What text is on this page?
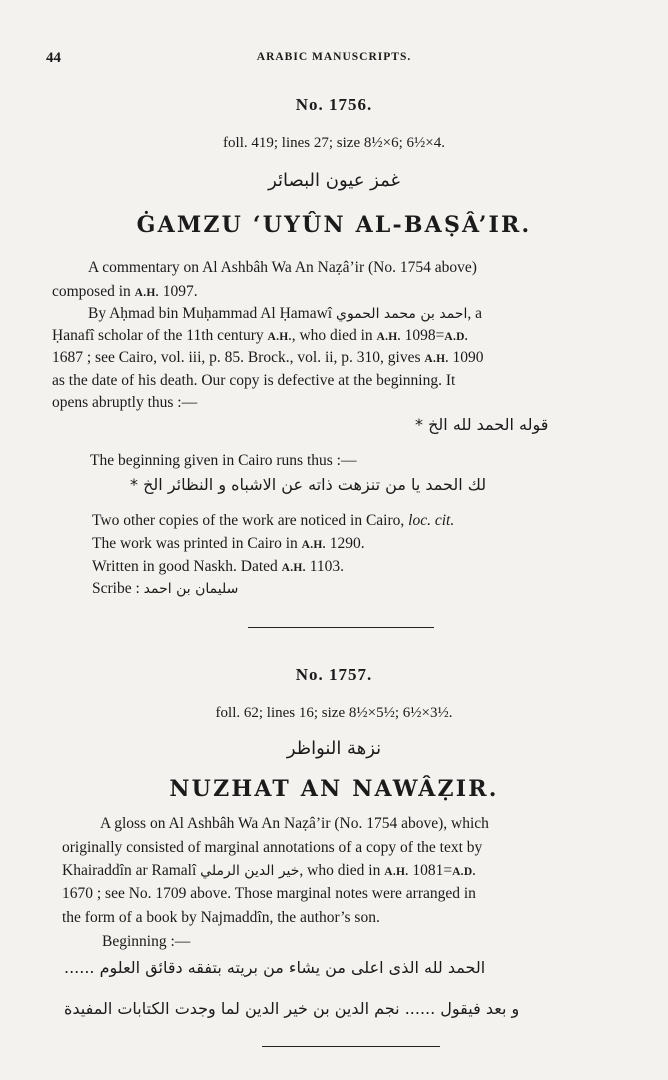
44	ARABIC MANUSCRIPTS.
No. 1756.
foll. 419; lines 27; size 8½×6; 6½×4.
غمز عيون البصائر
ĠAMZU ‘UYÛN AL-BAṢÂ’IR.
A commentary on Al Ashbâh Wa An Naẓâ’ir (No. 1754 above)
composed in A.H. 1097.
By Aḥmad bin Muḥammad Al Ḥamawî احمد بن محمد الحموي, a
Ḥanafî scholar of the 11th century A.H., who died in A.H. 1098=A.D.
1687 ; see Cairo, vol. iii, p. 85. Brock., vol. ii, p. 310, gives A.H. 1090
as the date of his death. Our copy is defective at the beginning. It
opens abruptly thus :—
قوله الحمد لله الخ *
The beginning given in Cairo runs thus :—
لك الحمد يا من تنزهت ذاته عن الاشباه و النظائر الخ *
Two other copies of the work are noticed in Cairo, loc. cit.
The work was printed in Cairo in A.H. 1290.
Written in good Naskh. Dated A.H. 1103.
Scribe : سليمان بن احمد
No. 1757.
foll. 62; lines 16; size 8½×5½; 6½×3½.
نزهة النواظر
NUZHAT AN NAWÂẒIR.
A gloss on Al Ashbâh Wa An Naẓâ’ir (No. 1754 above), which
originally consisted of marginal annotations of a copy of the text by
Khairaddîn ar Ramalî خير الدين الرملي, who died in A.H. 1081=A.D.
1670 ; see No. 1709 above. Those marginal notes were arranged in
the form of a book by Najmaddîn, the author’s son.
Beginning :—
الحمد لله الذى اعلى من يشاء من بريته بتفقه دقائق العلوم ......
و بعد فيقول ...... نجم الدين بن خير الدين لما وجدت الكتابات المفيدة
